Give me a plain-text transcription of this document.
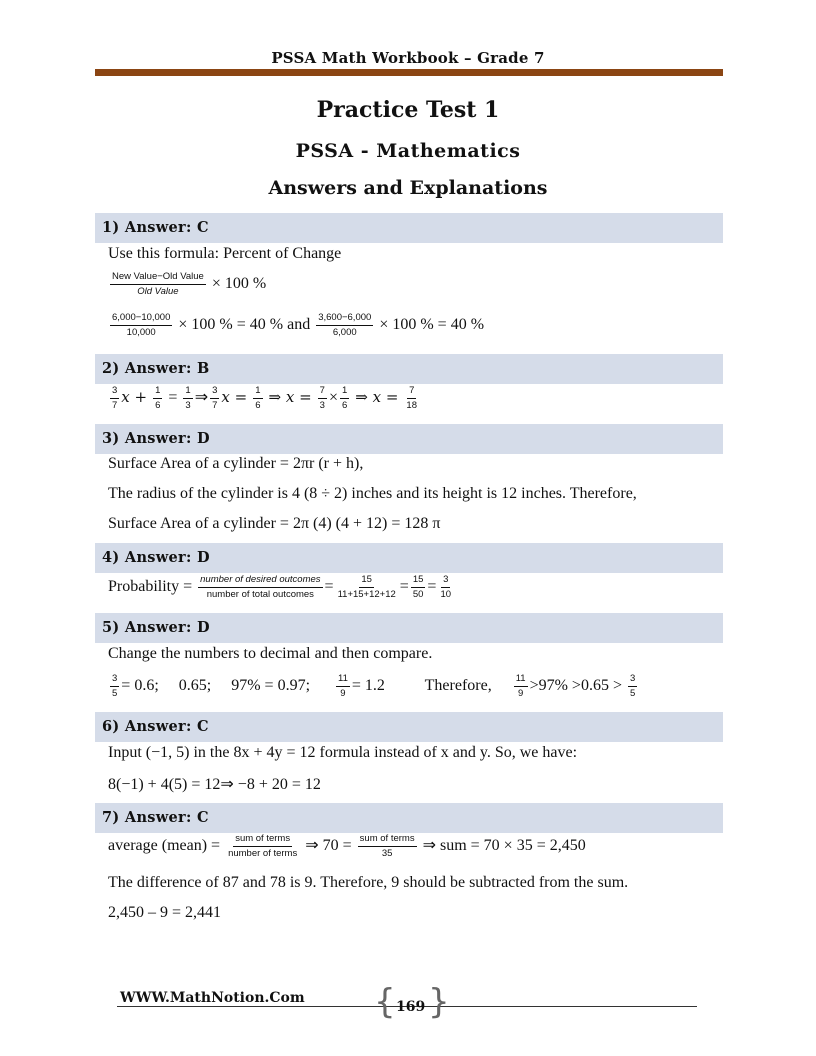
PSSA Math Workbook – Grade 7
Practice Test 1
PSSA - Mathematics
Answers and Explanations
1) Answer: C
Use this formula: Percent of Change
$\frac{\text{New Value−Old Value}}{\text{Old Value}} \times 100$ %
$\frac{6,000-10,000}{10,000} \times 100$ % = 40 % and $\frac{3,600-6,000}{6,000} \times 100$ % = 40 %
2) Answer: B
$\frac{3}{7}$ $x + \frac{1}{6} = \frac{1}{3}$ ⇒ $\frac{3}{7}$ $x = \frac{1}{6}$ ⇒ $x = \frac{7}{3} \times \frac{1}{6}$ ⇒ $x = \frac{7}{18}$
3) Answer: D
Surface Area of a cylinder = 2πr (r + h),
The radius of the cylinder is 4 (8 ÷ 2) inches and its height is 12 inches. Therefore,
Surface Area of a cylinder = 2π (4) (4 + 12) = 128 π
4) Answer: D
Probability = $\frac{\text{number of desired outcomes}}{\text{number of total outcomes}} = \frac{15}{11+15+12+12} = \frac{15}{50} = \frac{3}{10}$
5) Answer: D
Change the numbers to decimal and then compare.
$\frac{3}{5} = 0.6$;     0.65;     97% = 0.97;	$\frac{11}{9} = 1.2$ Therefore, $\frac{11}{9} >97\% >0.65 > \frac{3}{5}$
6) Answer: C
Input (−1, 5) in the 8x + 4y = 12 formula instead of x and y. So, we have:
8(−1) + 4(5) = 12⇒ −8 + 20 = 12
7) Answer: C
average (mean) = $\frac{\text{sum of terms}}{\text{number of terms}}$ ⇒ $70 = \frac{\text{sum of terms}}{35}$ ⇒ sum = 70 × 35 = 2,450
The difference of 87 and 78 is 9. Therefore, 9 should be subtracted from the sum.
2,450 – 9 = 2,441
WWW.MathNotion.Com { 169 }
